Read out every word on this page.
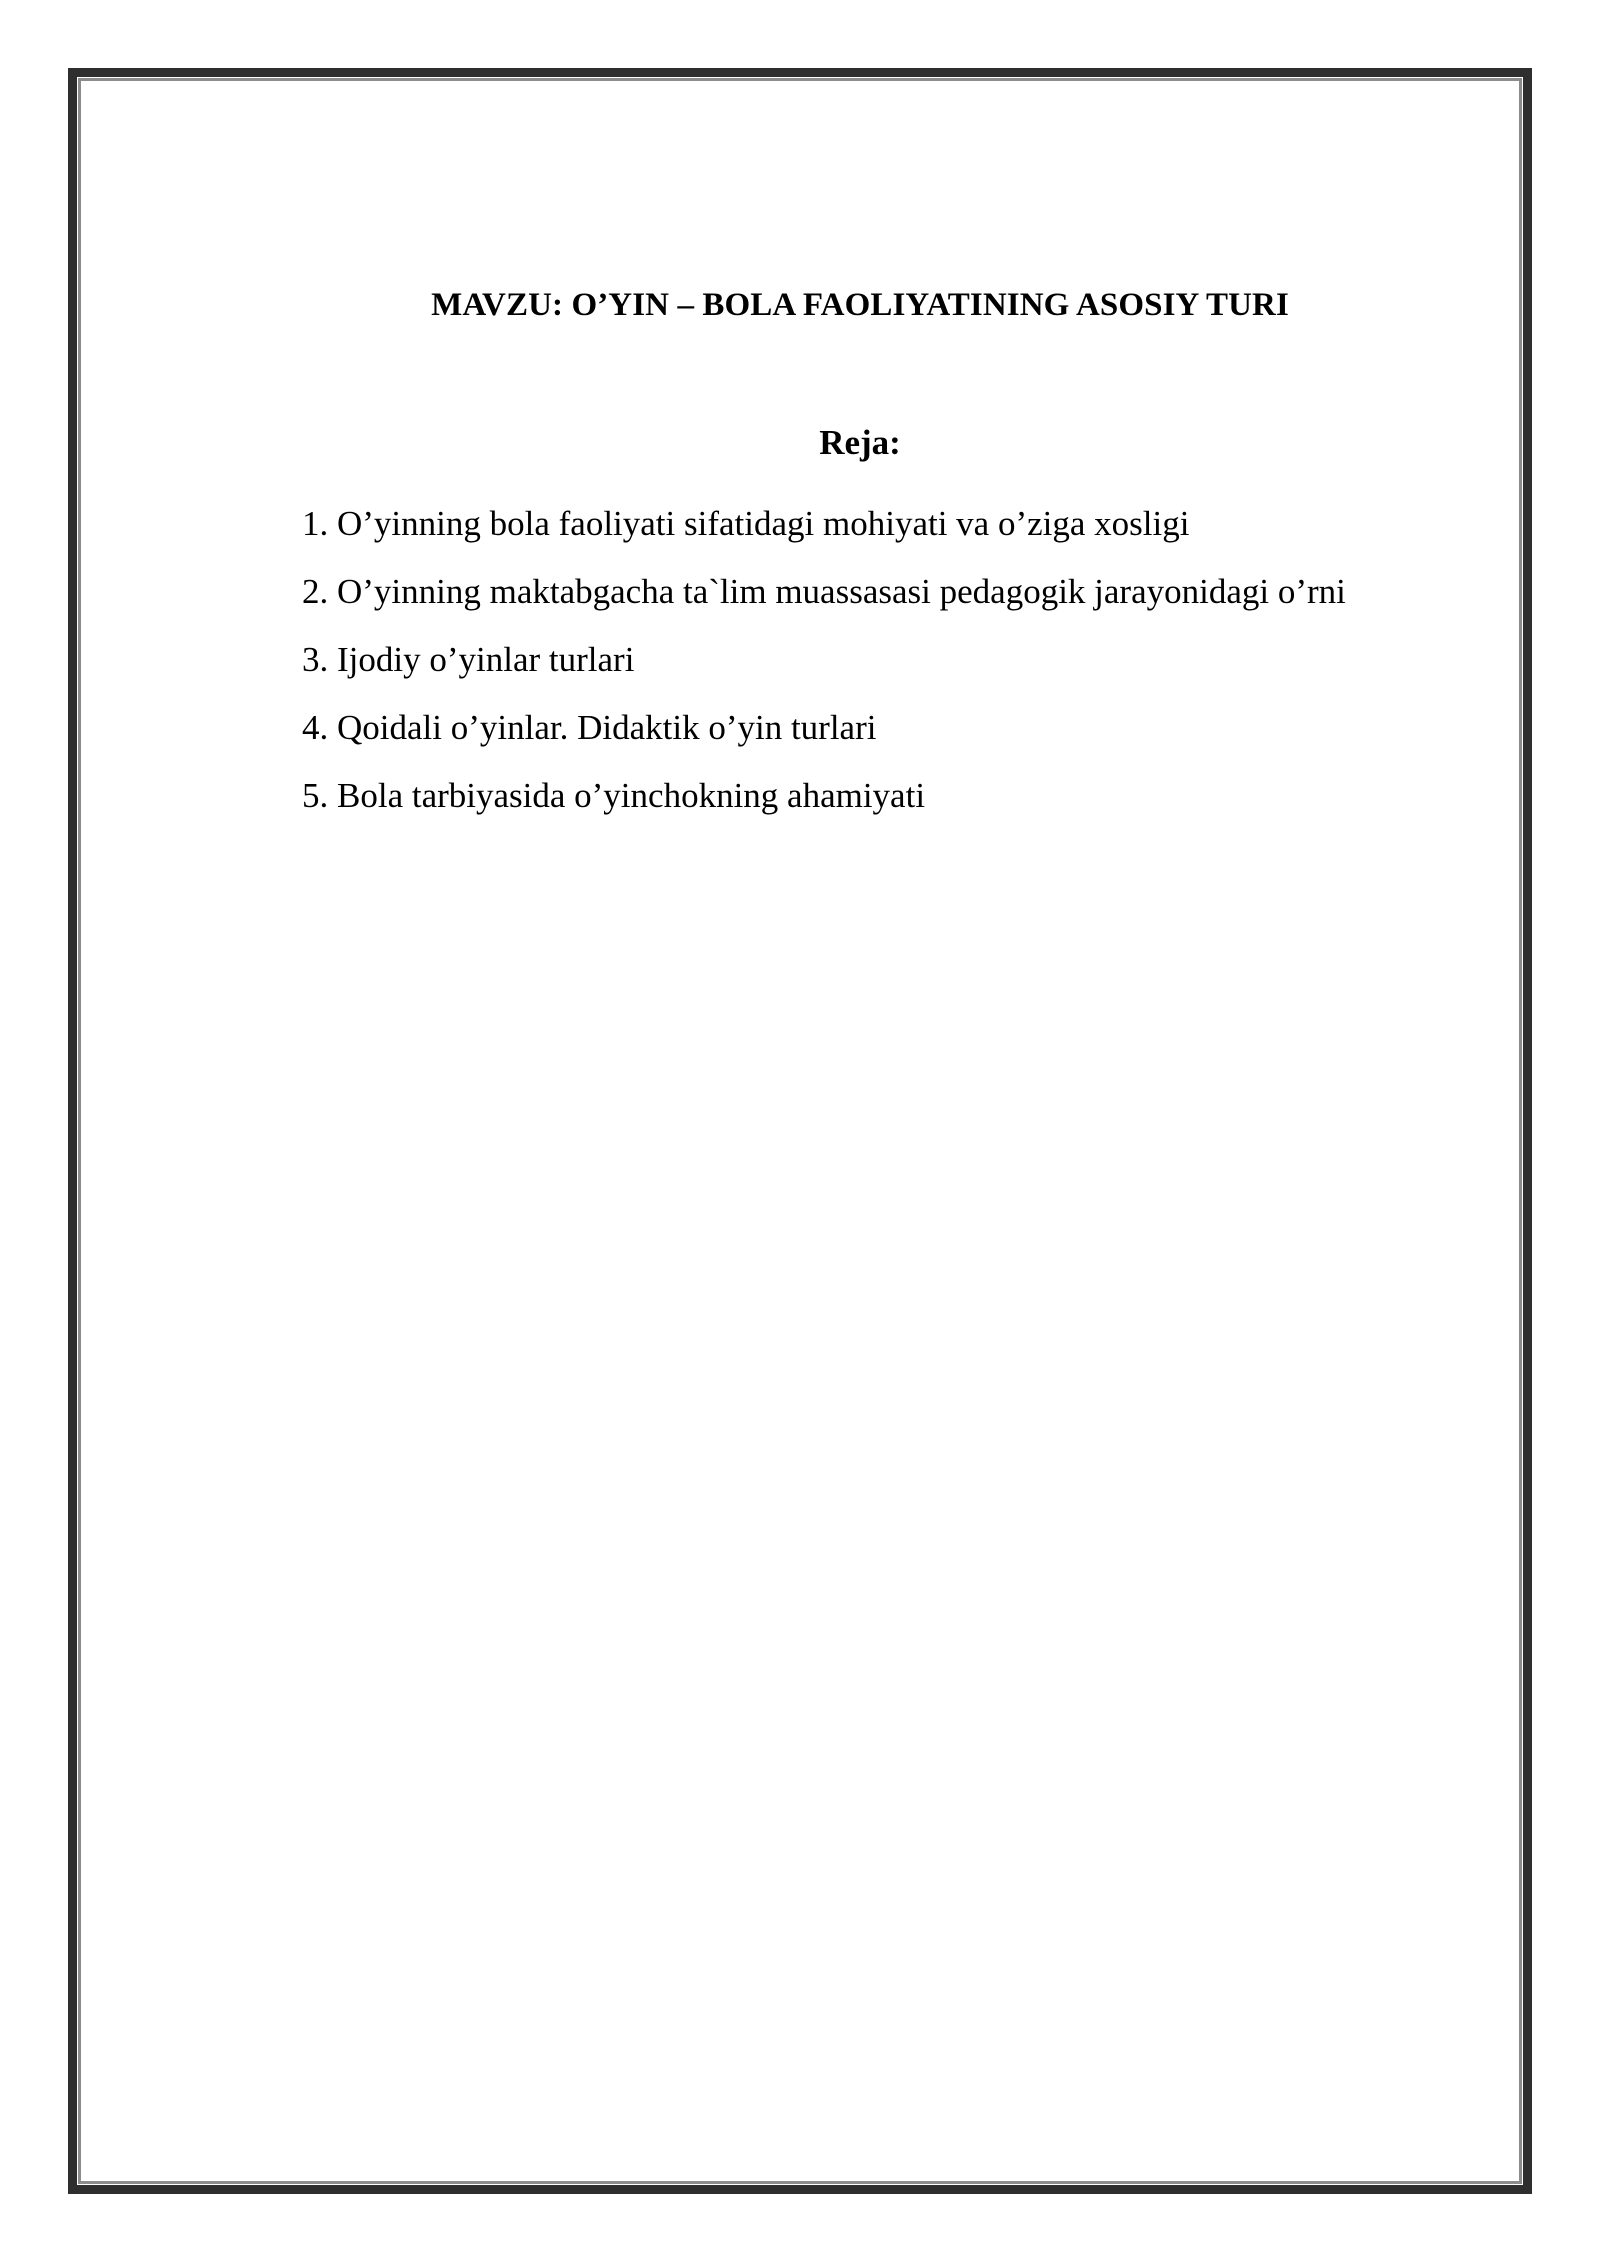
MAVZU: O’YIN – BOLA FAOLIYATINING ASOSIY TURI
Reja:
1. O’yinning bola faoliyati sifatidagi mohiyati va o’ziga xosligi
2. O’yinning maktabgacha ta`lim muassasasi pedagogik jarayonidagi o’rni
3. Ijodiy o’yinlar turlari
4. Qoidali o’yinlar. Didaktik o’yin turlari
5. Bola tarbiyasida o’yinchokning ahamiyati
